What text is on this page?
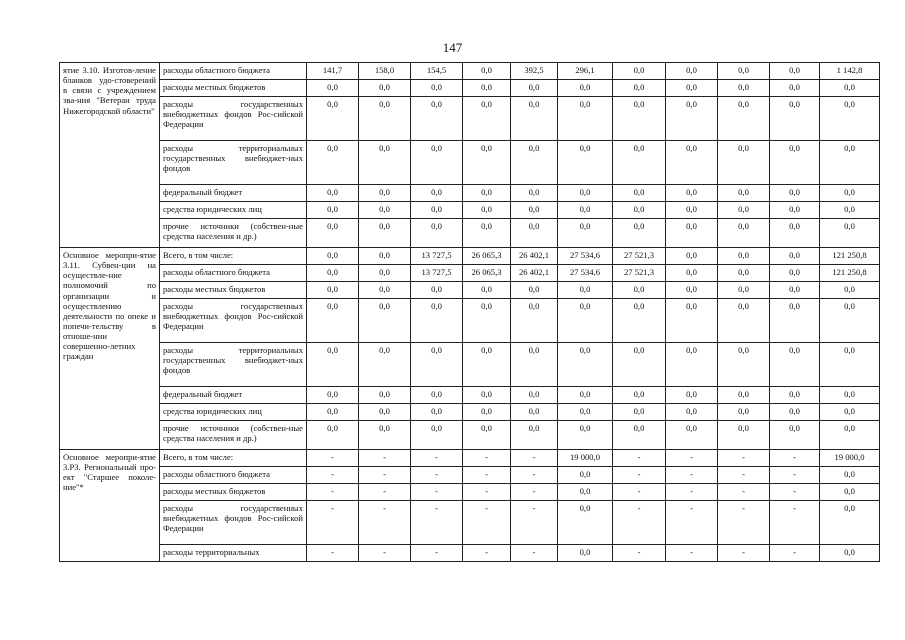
147
ятие 3.10. Изготов-ление бланков удо-стоверений в связи с учреждением зва-ния "Ветеран труда Нижегородской области"	расходы областного бюджета	141,7	158,0	154,5	0,0	392,5	296,1	0,0	0,0	0,0	0,0	1 142,8
	расходы местных бюджетов	0,0	0,0	0,0	0,0	0,0	0,0	0,0	0,0	0,0	0,0	0,0
	расходы государственных внебюджетных фондов Рос-сийской Федерации	0,0	0,0	0,0	0,0	0,0	0,0	0,0	0,0	0,0	0,0	0,0
	расходы территориальных государственных внебюджет-ных фондов	0,0	0,0	0,0	0,0	0,0	0,0	0,0	0,0	0,0	0,0	0,0
	федеральный бюджет	0,0	0,0	0,0	0,0	0,0	0,0	0,0	0,0	0,0	0,0	0,0
	средства юридических лиц	0,0	0,0	0,0	0,0	0,0	0,0	0,0	0,0	0,0	0,0	0,0
	прочие источники (собствен-ные средства населения и др.)	0,0	0,0	0,0	0,0	0,0	0,0	0,0	0,0	0,0	0,0	0,0
Основное меропри-ятие 3.11. Субвен-ции на осуществле-ние полномочий по организации и осуществлению деятельности по опеке и попечи-тельству в отноше-нии совершенно-летних граждан	Всего, в том числе:	0,0	0,0	13 727,5	26 065,3	26 402,1	27 534,6	27 521,3	0,0	0,0	0,0	121 250,8
	расходы областного бюджета	0,0	0,0	13 727,5	26 065,3	26 402,1	27 534,6	27 521,3	0,0	0,0	0,0	121 250,8
	расходы местных бюджетов	0,0	0,0	0,0	0,0	0,0	0,0	0,0	0,0	0,0	0,0	0,0
	расходы государственных внебюджетных фондов Рос-сийской Федерации	0,0	0,0	0,0	0,0	0,0	0,0	0,0	0,0	0,0	0,0	0,0
	расходы территориальных государственных внебюджет-ных фондов	0,0	0,0	0,0	0,0	0,0	0,0	0,0	0,0	0,0	0,0	0,0
	федеральный бюджет	0,0	0,0	0,0	0,0	0,0	0,0	0,0	0,0	0,0	0,0	0,0
	средства юридических лиц	0,0	0,0	0,0	0,0	0,0	0,0	0,0	0,0	0,0	0,0	0,0
	прочие источники (собствен-ные средства населения и др.)	0,0	0,0	0,0	0,0	0,0	0,0	0,0	0,0	0,0	0,0	0,0
Основное меропри-ятие 3.P3. Региональный про-ект "Старшее поколе-ние"*	Всего, в том числе:	-	-	-	-	-	19 000,0	-	-	-	-	19 000,0
	расходы областного бюджета	-	-	-	-	-	0,0	-	-	-	-	0,0
	расходы местных бюджетов	-	-	-	-	-	0,0	-	-	-	-	0,0
	расходы государственных внебюджетных фондов Рос-сийской Федерации	-	-	-	-	-	0,0	-	-	-	-	0,0
	расходы территориальных	-	-	-	-	-	0,0	-	-	-	-	0,0
